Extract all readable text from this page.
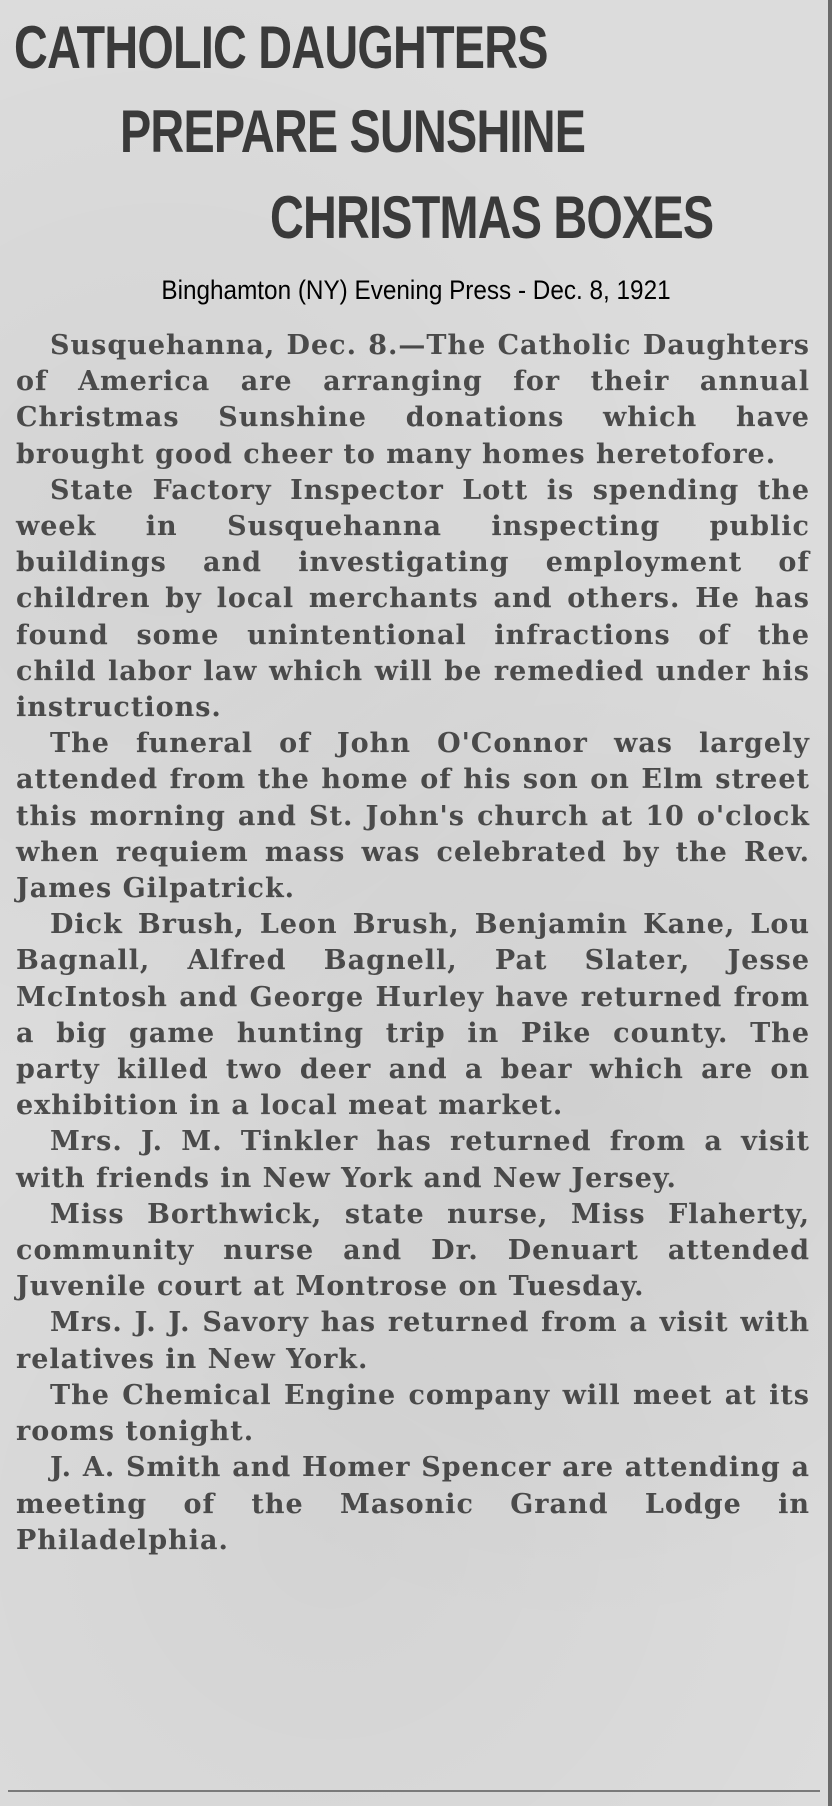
CATHOLIC DAUGHTERS
PREPARE SUNSHINE
CHRISTMAS BOXES
Binghamton (NY) Evening Press - Dec. 8, 1921

Susquehanna, Dec. 8.—The Catholic Daughters of America are arranging for their annual Christmas Sunshine donations which have brought good cheer to many homes heretofore.

State Factory Inspector Lott is spending the week in Susquehanna inspecting public buildings and investigating employment of children by local merchants and others. He has found some unintentional infractions of the child labor law which will be remedied under his instructions.

The funeral of John O'Connor was largely attended from the home of his son on Elm street this morning and St. John's church at 10 o'clock when requiem mass was celebrated by the Rev. James Gilpatrick.

Dick Brush, Leon Brush, Benjamin Kane, Lou Bagnall, Alfred Bagnell, Pat Slater, Jesse McIntosh and George Hurley have returned from a big game hunting trip in Pike county. The party killed two deer and a bear which are on exhibition in a local meat market.

Mrs. J. M. Tinkler has returned from a visit with friends in New York and New Jersey.

Miss Borthwick, state nurse, Miss Flaherty, community nurse and Dr. Denuart attended Juvenile court at Montrose on Tuesday.

Mrs. J. J. Savory has returned from a visit with relatives in New York.

The Chemical Engine company will meet at its rooms tonight.

J. A. Smith and Homer Spencer are attending a meeting of the Masonic Grand Lodge in Philadelphia.
